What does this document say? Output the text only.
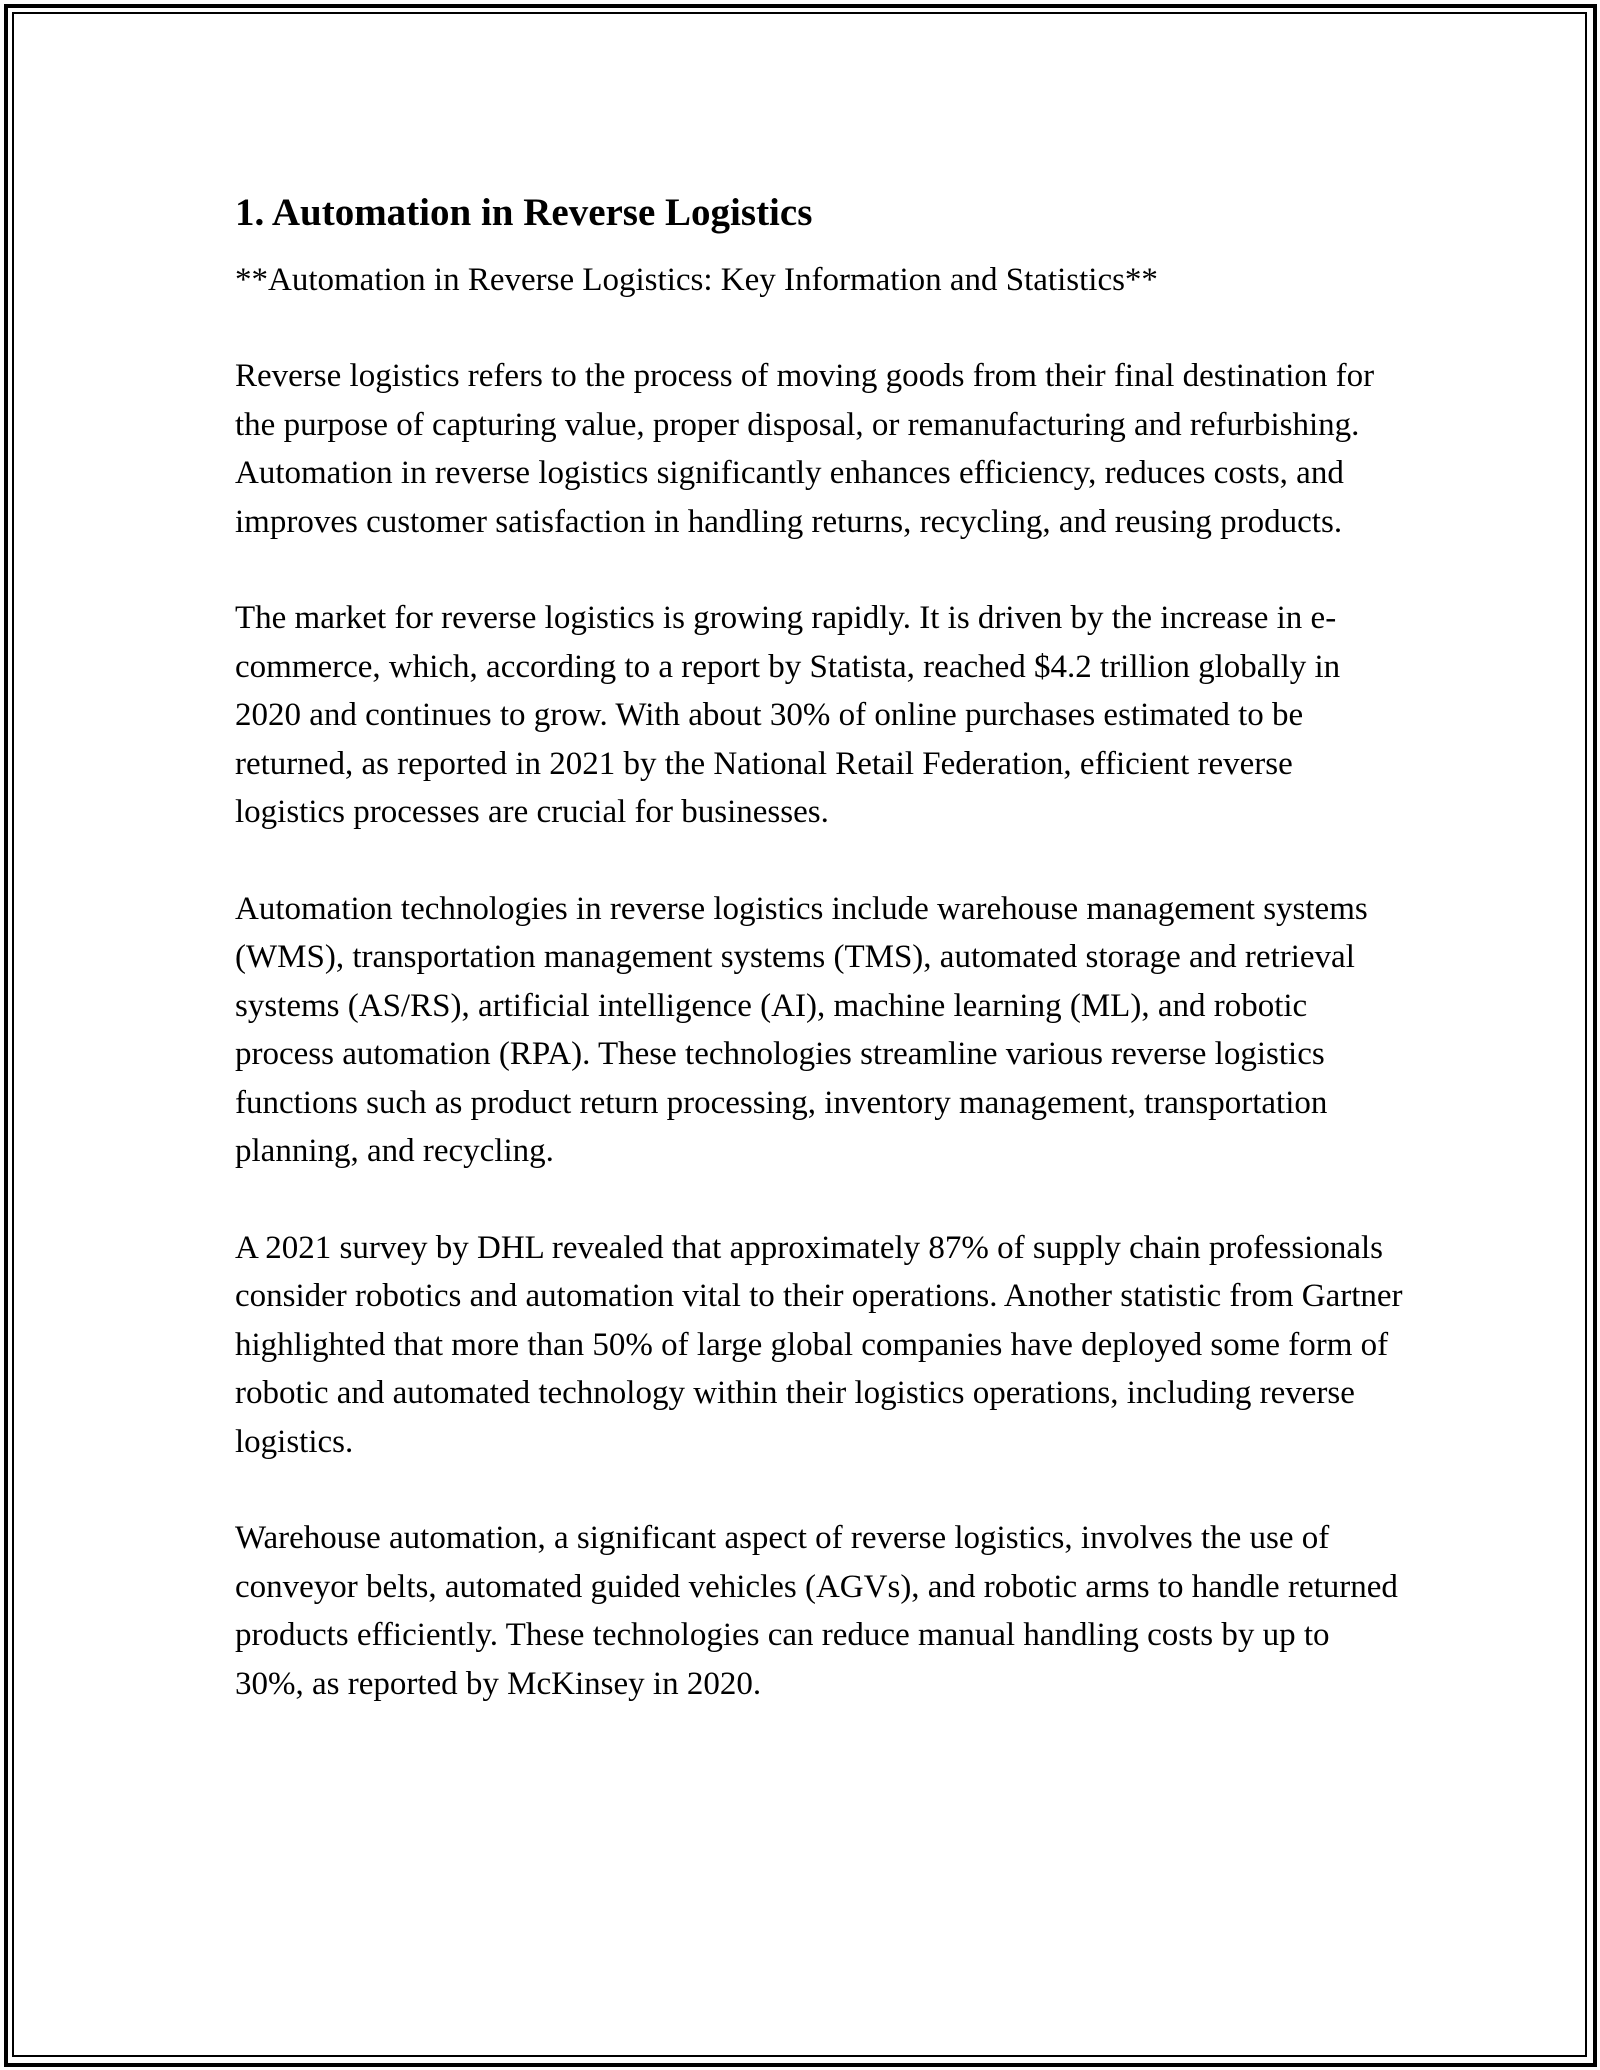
1. Automation in Reverse Logistics

**Automation in Reverse Logistics: Key Information and Statistics**

Reverse logistics refers to the process of moving goods from their final destination for the purpose of capturing value, proper disposal, or remanufacturing and refurbishing. Automation in reverse logistics significantly enhances efficiency, reduces costs, and improves customer satisfaction in handling returns, recycling, and reusing products.

The market for reverse logistics is growing rapidly. It is driven by the increase in e-commerce, which, according to a report by Statista, reached $4.2 trillion globally in 2020 and continues to grow. With about 30% of online purchases estimated to be returned, as reported in 2021 by the National Retail Federation, efficient reverse logistics processes are crucial for businesses.

Automation technologies in reverse logistics include warehouse management systems (WMS), transportation management systems (TMS), automated storage and retrieval systems (AS/RS), artificial intelligence (AI), machine learning (ML), and robotic process automation (RPA). These technologies streamline various reverse logistics functions such as product return processing, inventory management, transportation planning, and recycling.

A 2021 survey by DHL revealed that approximately 87% of supply chain professionals consider robotics and automation vital to their operations. Another statistic from Gartner highlighted that more than 50% of large global companies have deployed some form of robotic and automated technology within their logistics operations, including reverse logistics.

Warehouse automation, a significant aspect of reverse logistics, involves the use of conveyor belts, automated guided vehicles (AGVs), and robotic arms to handle returned products efficiently. These technologies can reduce manual handling costs by up to 30%, as reported by McKinsey in 2020.
